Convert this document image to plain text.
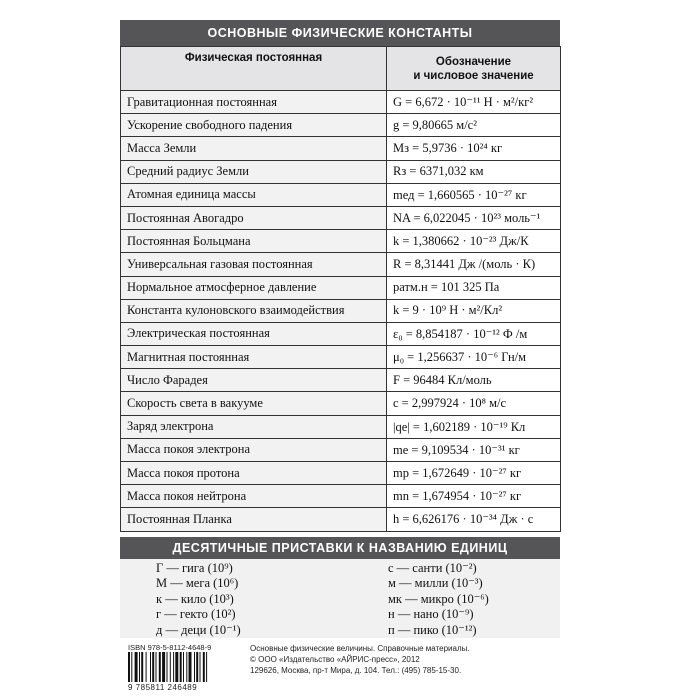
ОСНОВНЫЕ ФИЗИЧЕСКИЕ КОНСТАНТЫ
Физическая постоянная	Обозначение
и числовое значение
Гравитационная постоянная	G = 6,672 · 10⁻¹¹ Н · м²/кг²
Ускорение свободного падения	g = 9,80665 м/с²
Масса Земли	Mз = 5,9736 · 10²⁴ кг
Средний радиус Земли	Rз = 6371,032 км
Атомная единица массы	mед = 1,660565 · 10⁻²⁷ кг
Постоянная Авогадро	NA = 6,022045 · 10²³ моль⁻¹
Постоянная Больцмана	k = 1,380662 · 10⁻²³ Дж/К
Универсальная газовая постоянная	R = 8,31441 Дж /(моль · К)
Нормальное атмосферное давление	pатм.н = 101 325 Па
Константа кулоновского взаимодействия	k = 9 · 10⁹ Н · м²/Кл²
Электрическая постоянная	ε₀ = 8,854187 · 10⁻¹² Ф /м
Магнитная постоянная	μ₀ = 1,256637 · 10⁻⁶ Гн/м
Число Фарадея	F = 96484 Кл/моль
Скорость света в вакууме	c = 2,997924 · 10⁸ м/с
Заряд электрона	|qe| = 1,602189 · 10⁻¹⁹ Кл
Масса покоя электрона	me = 9,109534 · 10⁻³¹ кг
Масса покоя протона	mp = 1,672649 · 10⁻²⁷ кг
Масса покоя нейтрона	mn = 1,674954 · 10⁻²⁷ кг
Постоянная Планка	h = 6,626176 · 10⁻³⁴ Дж · с
ДЕСЯТИЧНЫЕ ПРИСТАВКИ К НАЗВАНИЮ ЕДИНИЦ
Г — гига (10⁹)
М — мега (10⁶)
к — кило (10³)
г — гекто (10²)
д — деци (10⁻¹)
с — санти (10⁻²)
м — милли (10⁻³)
мк — микро (10⁻⁶)
н — нано (10⁻⁹)
п — пико (10⁻¹²)
ISBN 978-5-8112-4648-9
9 785811 246489
Основные физические величины. Справочные материалы.
© ООО «Издательство «АЙРИС-пресс», 2012
129626, Москва, пр-т Мира, д. 104. Тел.: (495) 785-15-30.
